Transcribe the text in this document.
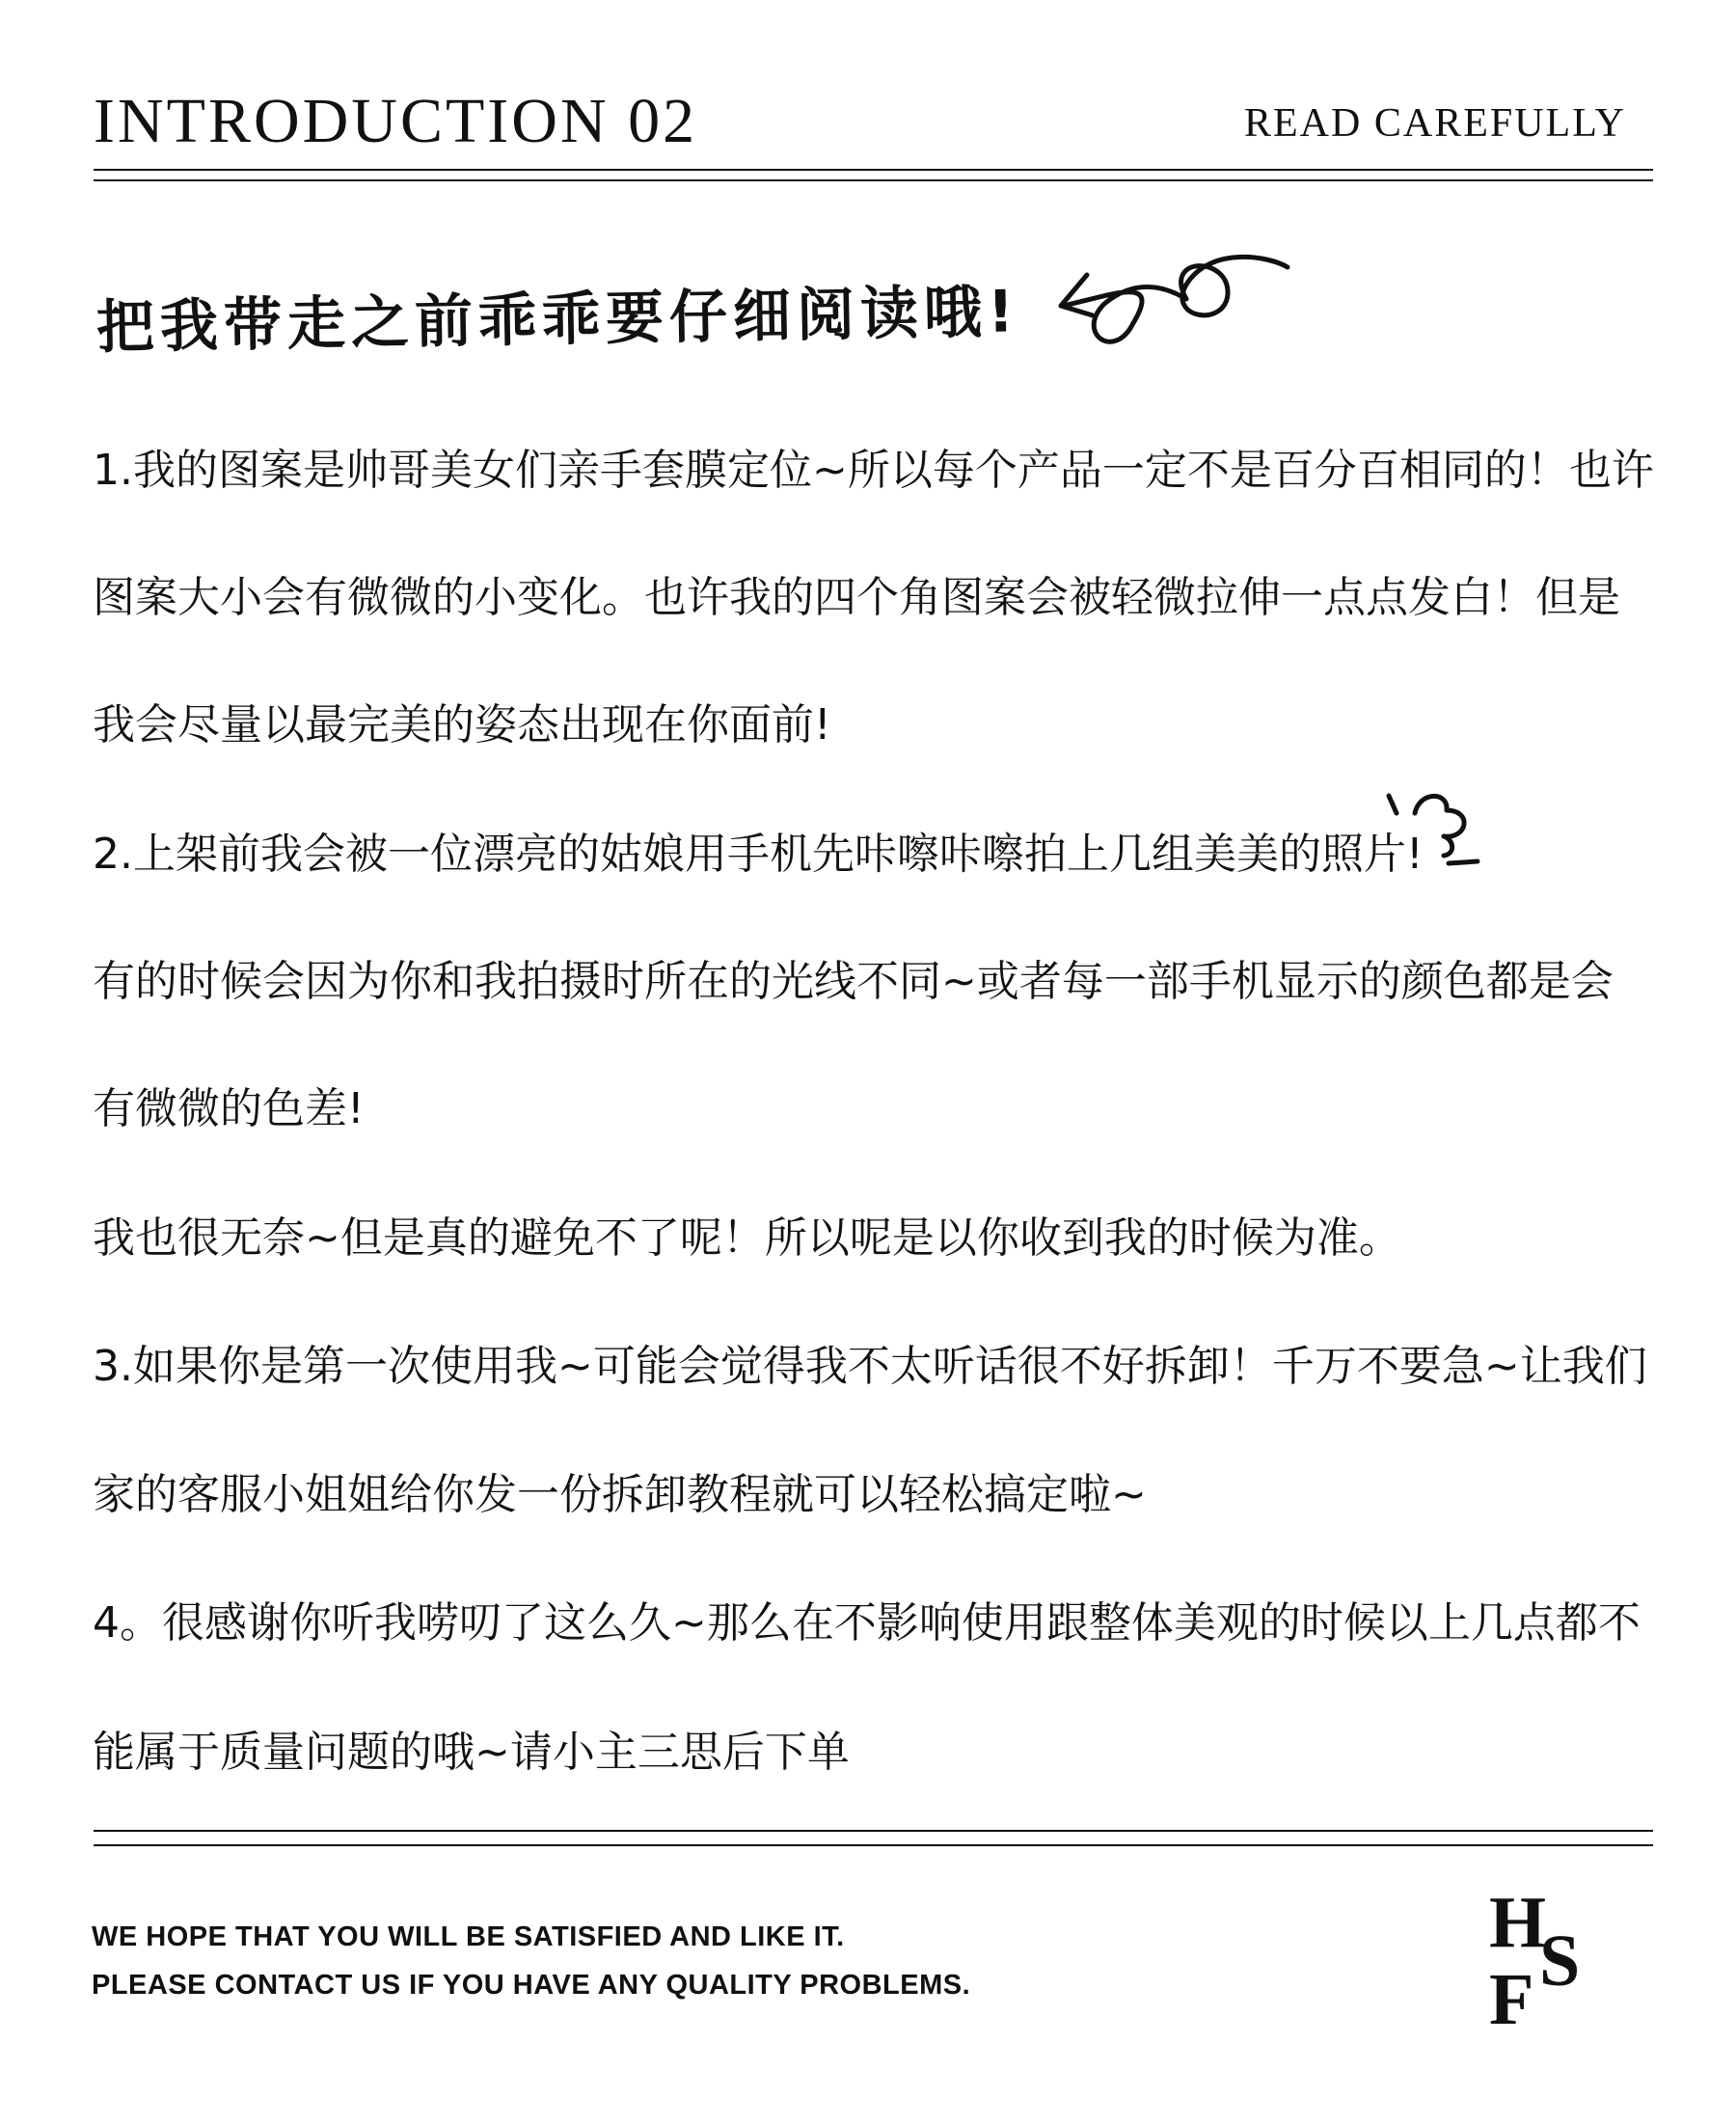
INTRODUCTION 02	READ CAREFULLY
把我带走之前乖乖要仔细阅读哦!
1.我的图案是帅哥美女们亲手套膜定位~所以每个产品一定不是百分百相同的！也许
图案大小会有微微的小变化。也许我的四个角图案会被轻微拉伸一点点发白！但是
我会尽量以最完美的姿态出现在你面前!
2.上架前我会被一位漂亮的姑娘用手机先咔嚓咔嚓拍上几组美美的照片!
有的时候会因为你和我拍摄时所在的光线不同~或者每一部手机显示的颜色都是会
有微微的色差!
我也很无奈~但是真的避免不了呢！所以呢是以你收到我的时候为准。
3.如果你是第一次使用我~可能会觉得我不太听话很不好拆卸！千万不要急~让我们
家的客服小姐姐给你发一份拆卸教程就可以轻松搞定啦~
4。很感谢你听我唠叨了这么久~那么在不影响使用跟整体美观的时候以上几点都不
能属于质量问题的哦~请小主三思后下单
WE HOPE THAT YOU WILL BE SATISFIED AND LIKE IT.
PLEASE CONTACT US IF YOU HAVE ANY QUALITY PROBLEMS.
H
S
F
